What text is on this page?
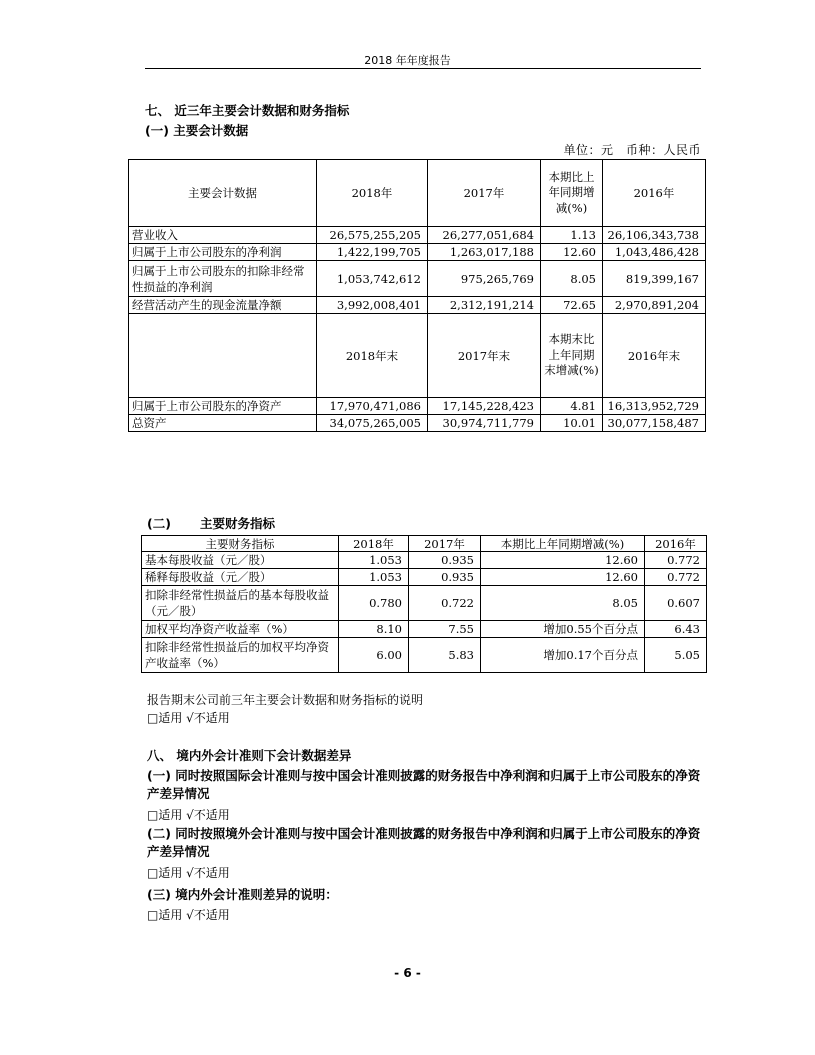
2018 年年度报告
七、 近三年主要会计数据和财务指标
(一) 主要会计数据
单位：元　币种：人民币
主要会计数据	2018年	2017年	本期比上年同期增减(%)	2016年
营业收入	26,575,255,205	26,277,051,684	1.13	26,106,343,738
归属于上市公司股东的净利润	1,422,199,705	1,263,017,188	12.60	1,043,486,428
归属于上市公司股东的扣除非经常性损益的净利润	1,053,742,612	975,265,769	8.05	819,399,167
经营活动产生的现金流量净额	3,992,008,401	2,312,191,214	72.65	2,970,891,204
	2018年末	2017年末	本期末比上年同期末增减(%)	2016年末
归属于上市公司股东的净资产	17,970,471,086	17,145,228,423	4.81	16,313,952,729
总资产	34,075,265,005	30,974,711,779	10.01	30,077,158,487
(二) 主要财务指标
主要财务指标	2018年	2017年	本期比上年同期增减(%)	2016年
基本每股收益（元／股）	1.053	0.935	12.60	0.772
稀释每股收益（元／股）	1.053	0.935	12.60	0.772
扣除非经常性损益后的基本每股收益（元／股）	0.780	0.722	8.05	0.607
加权平均净资产收益率（%）	8.10	7.55	增加0.55个百分点	6.43
扣除非经常性损益后的加权平均净资产收益率（%）	6.00	5.83	增加0.17个百分点	5.05
报告期末公司前三年主要会计数据和财务指标的说明
□适用 √不适用
八、 境内外会计准则下会计数据差异
(一) 同时按照国际会计准则与按中国会计准则披露的财务报告中净利润和归属于上市公司股东的净资产差异情况
□适用 √不适用
(二) 同时按照境外会计准则与按中国会计准则披露的财务报告中净利润和归属于上市公司股东的净资产差异情况
□适用 √不适用
(三) 境内外会计准则差异的说明：
□适用 √不适用
- 6 -
